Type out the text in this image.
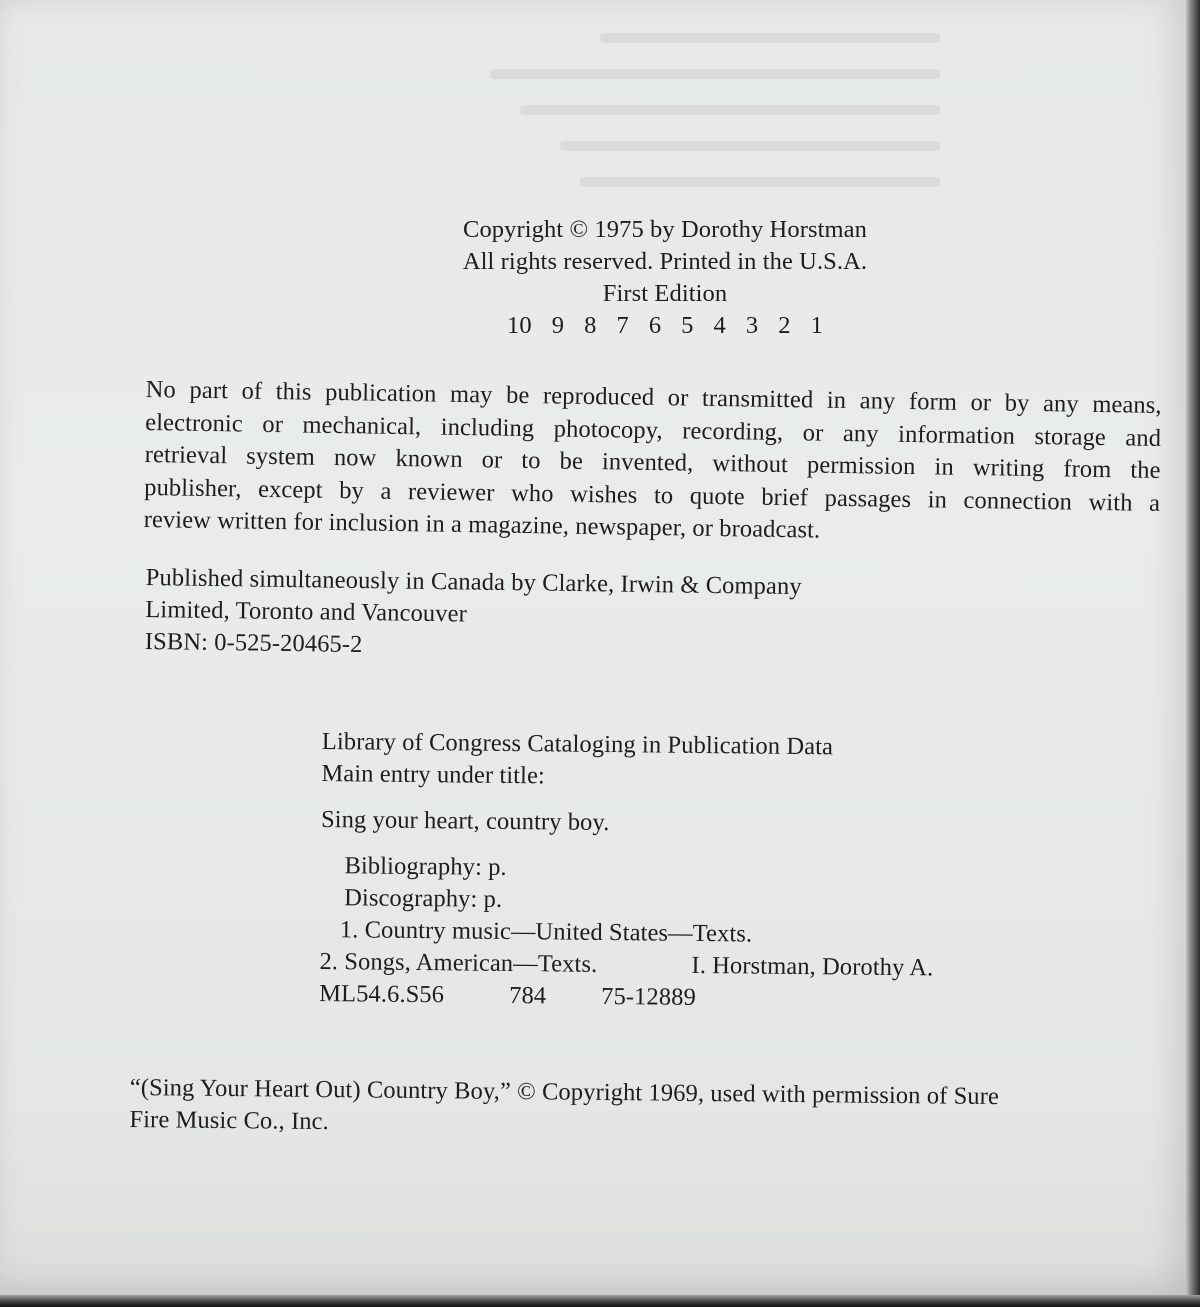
Copyright © 1975 by Dorothy Horstman
All rights reserved. Printed in the U.S.A.
First Edition
10 9 8 7 6 5 4 3 2 1
No part of this publication may be reproduced or transmitted in any form or by any means,
electronic or mechanical, including photocopy, recording, or any information storage and
retrieval system now known or to be invented, without permission in writing from the
publisher, except by a reviewer who wishes to quote brief passages in connection with a
review written for inclusion in a magazine, newspaper, or broadcast.
Published simultaneously in Canada by Clarke, Irwin & Company
Limited, Toronto and Vancouver
ISBN: 0-525-20465-2
Library of Congress Cataloging in Publication Data
Main entry under title:
Sing your heart, country boy.
Bibliography: p.
Discography: p.
1. Country music—United States—Texts.
2. Songs, American—Texts.	I. Horstman, Dorothy A.
ML54.6.S56	784	75-12889
“(Sing Your Heart Out) Country Boy,” © Copyright 1969, used with permission of Sure
Fire Music Co., Inc.
